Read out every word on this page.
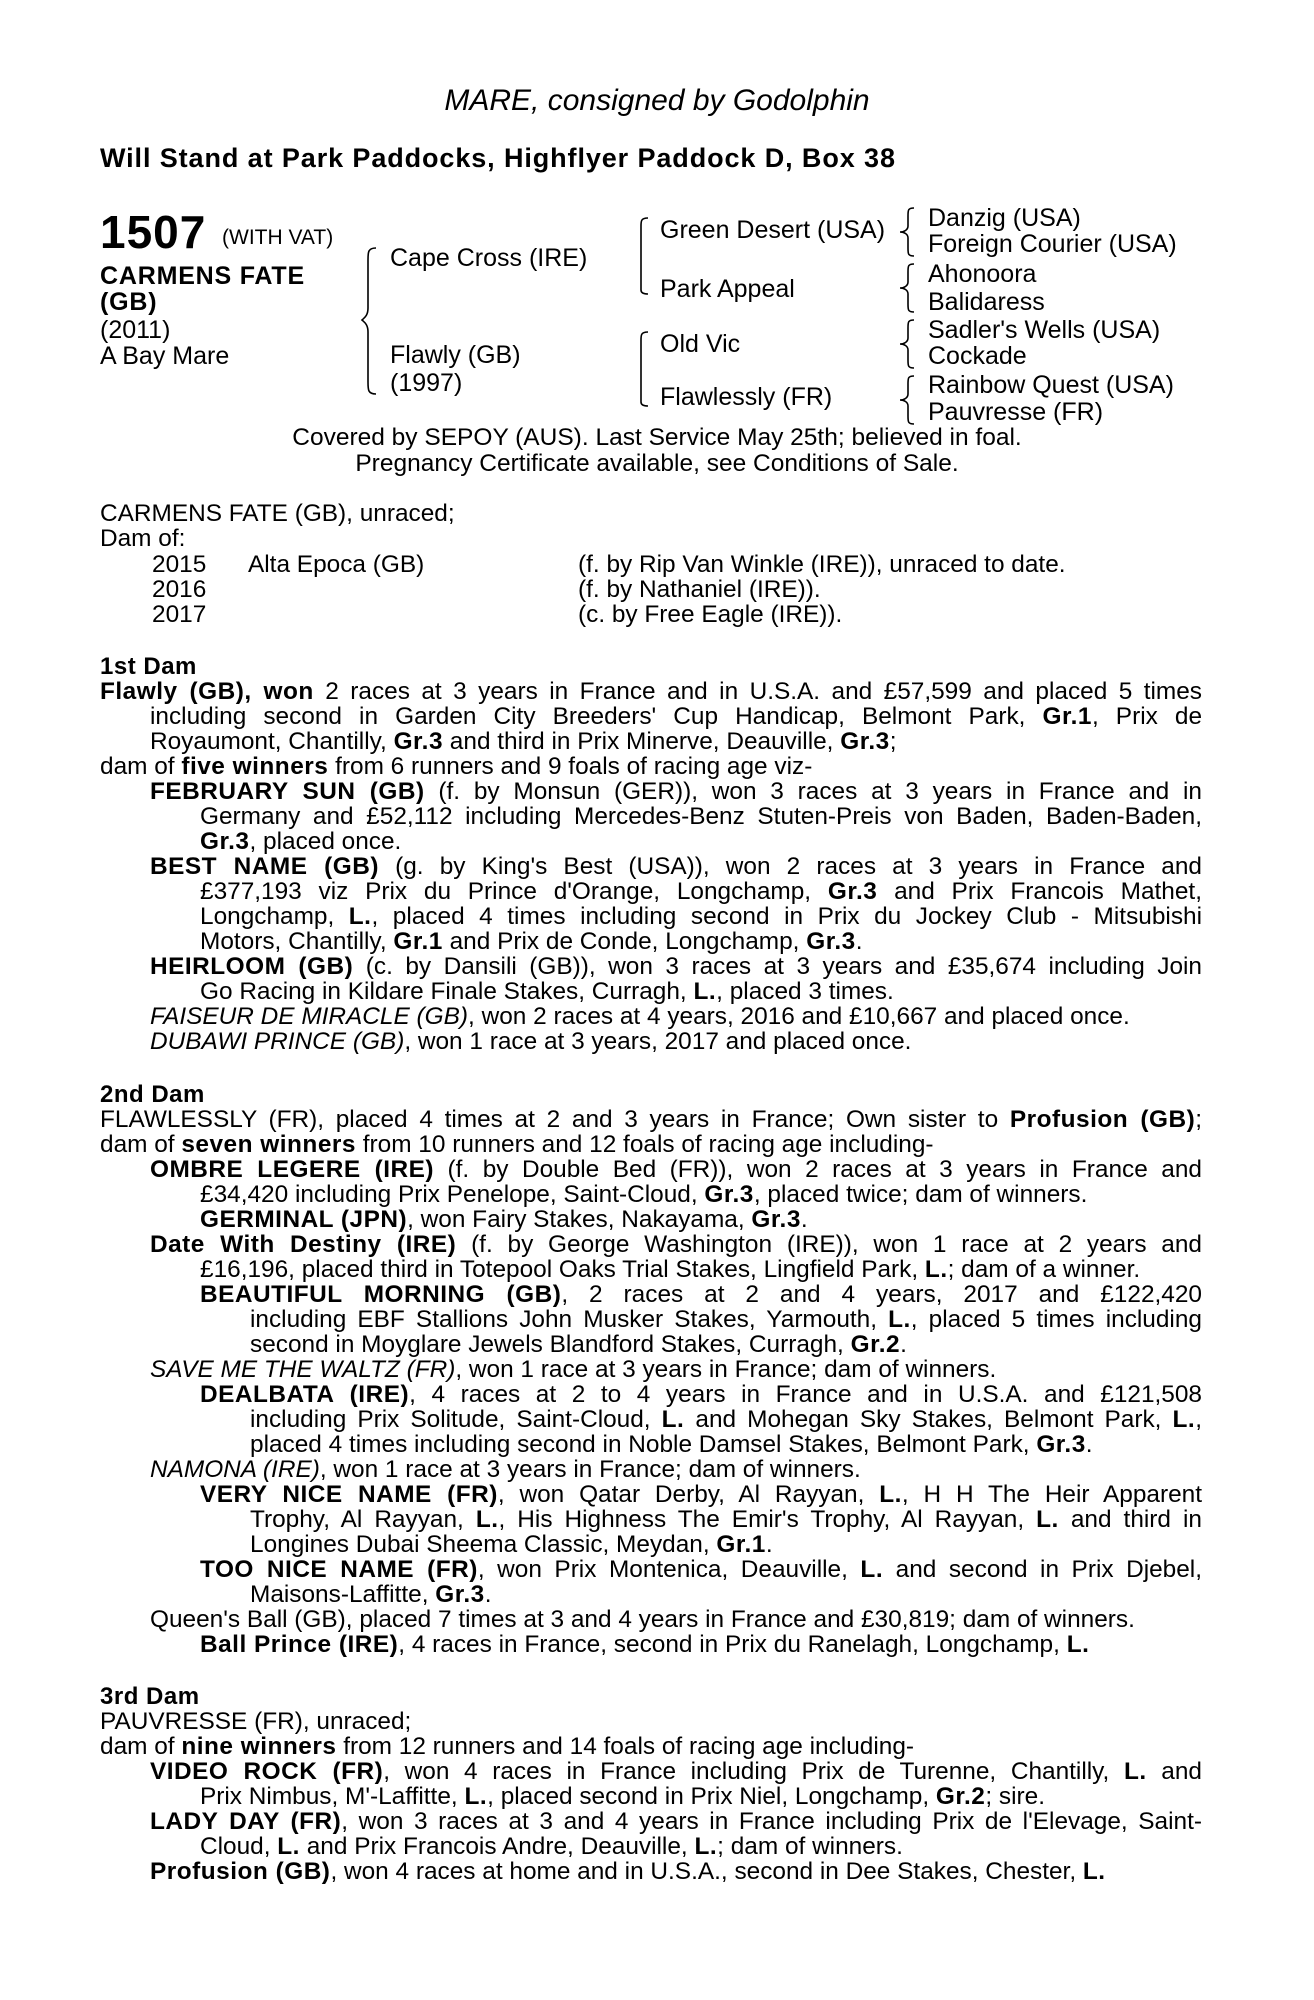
MARE, consigned by Godolphin
Will Stand at Park Paddocks, Highflyer Paddock D, Box 38
1507 (WITH VAT)
CARMENS FATE
(GB)
(2011)
A Bay Mare
Cape Cross (IRE)
Flawly (GB)
(1997)
Green Desert (USA)
Park Appeal
Old Vic
Flawlessly (FR)
Danzig (USA)
Foreign Courier (USA)
Ahonoora
Balidaress
Sadler's Wells (USA)
Cockade
Rainbow Quest (USA)
Pauvresse (FR)
Covered by SEPOY (AUS). Last Service May 25th; believed in foal.
Pregnancy Certificate available, see Conditions of Sale.
CARMENS FATE (GB), unraced;
Dam of:
2015 Alta Epoca (GB)	(f. by Rip Van Winkle (IRE)), unraced to date.
2016	(f. by Nathaniel (IRE)).
2017	(c. by Free Eagle (IRE)).
1st Dam
Flawly (GB), won 2 races at 3 years in France and in U.S.A. and £57,599 and placed 5 times
including second in Garden City Breeders' Cup Handicap, Belmont Park, Gr.1, Prix de
Royaumont, Chantilly, Gr.3 and third in Prix Minerve, Deauville, Gr.3;
dam of five winners from 6 runners and 9 foals of racing age viz-
FEBRUARY SUN (GB) (f. by Monsun (GER)), won 3 races at 3 years in France and in
Germany and £52,112 including Mercedes-Benz Stuten-Preis von Baden, Baden-Baden,
Gr.3, placed once.
BEST NAME (GB) (g. by King's Best (USA)), won 2 races at 3 years in France and
£377,193 viz Prix du Prince d'Orange, Longchamp, Gr.3 and Prix Francois Mathet,
Longchamp, L., placed 4 times including second in Prix du Jockey Club - Mitsubishi
Motors, Chantilly, Gr.1 and Prix de Conde, Longchamp, Gr.3.
HEIRLOOM (GB) (c. by Dansili (GB)), won 3 races at 3 years and £35,674 including Join
Go Racing in Kildare Finale Stakes, Curragh, L., placed 3 times.
FAISEUR DE MIRACLE (GB), won 2 races at 4 years, 2016 and £10,667 and placed once.
DUBAWI PRINCE (GB), won 1 race at 3 years, 2017 and placed once.
2nd Dam
FLAWLESSLY (FR), placed 4 times at 2 and 3 years in France; Own sister to Profusion (GB);
dam of seven winners from 10 runners and 12 foals of racing age including-
OMBRE LEGERE (IRE) (f. by Double Bed (FR)), won 2 races at 3 years in France and
£34,420 including Prix Penelope, Saint-Cloud, Gr.3, placed twice; dam of winners.
GERMINAL (JPN), won Fairy Stakes, Nakayama, Gr.3.
Date With Destiny (IRE) (f. by George Washington (IRE)), won 1 race at 2 years and
£16,196, placed third in Totepool Oaks Trial Stakes, Lingfield Park, L.; dam of a winner.
BEAUTIFUL MORNING (GB), 2 races at 2 and 4 years, 2017 and £122,420
including EBF Stallions John Musker Stakes, Yarmouth, L., placed 5 times including
second in Moyglare Jewels Blandford Stakes, Curragh, Gr.2.
SAVE ME THE WALTZ (FR), won 1 race at 3 years in France; dam of winners.
DEALBATA (IRE), 4 races at 2 to 4 years in France and in U.S.A. and £121,508
including Prix Solitude, Saint-Cloud, L. and Mohegan Sky Stakes, Belmont Park, L.,
placed 4 times including second in Noble Damsel Stakes, Belmont Park, Gr.3.
NAMONA (IRE), won 1 race at 3 years in France; dam of winners.
VERY NICE NAME (FR), won Qatar Derby, Al Rayyan, L., H H The Heir Apparent
Trophy, Al Rayyan, L., His Highness The Emir's Trophy, Al Rayyan, L. and third in
Longines Dubai Sheema Classic, Meydan, Gr.1.
TOO NICE NAME (FR), won Prix Montenica, Deauville, L. and second in Prix Djebel,
Maisons-Laffitte, Gr.3.
Queen's Ball (GB), placed 7 times at 3 and 4 years in France and £30,819; dam of winners.
Ball Prince (IRE), 4 races in France, second in Prix du Ranelagh, Longchamp, L.
3rd Dam
PAUVRESSE (FR), unraced;
dam of nine winners from 12 runners and 14 foals of racing age including-
VIDEO ROCK (FR), won 4 races in France including Prix de Turenne, Chantilly, L. and
Prix Nimbus, M'-Laffitte, L., placed second in Prix Niel, Longchamp, Gr.2; sire.
LADY DAY (FR), won 3 races at 3 and 4 years in France including Prix de l'Elevage, Saint-
Cloud, L. and Prix Francois Andre, Deauville, L.; dam of winners.
Profusion (GB), won 4 races at home and in U.S.A., second in Dee Stakes, Chester, L.
